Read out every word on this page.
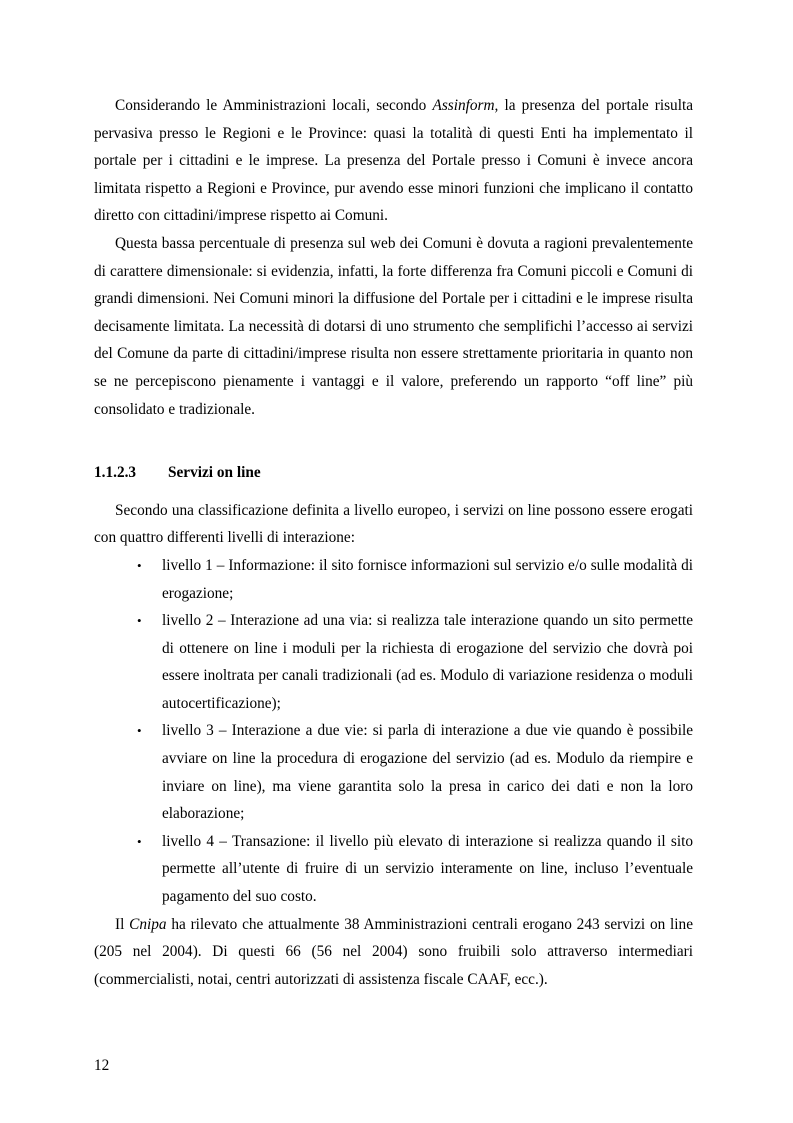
Considerando le Amministrazioni locali, secondo Assinform, la presenza del portale risulta pervasiva presso le Regioni e le Province: quasi la totalità di questi Enti ha implementato il portale per i cittadini e le imprese. La presenza del Portale presso i Comuni è invece ancora limitata rispetto a Regioni e Province, pur avendo esse minori funzioni che implicano il contatto diretto con cittadini/imprese rispetto ai Comuni.

Questa bassa percentuale di presenza sul web dei Comuni è dovuta a ragioni prevalentemente di carattere dimensionale: si evidenzia, infatti, la forte differenza fra Comuni piccoli e Comuni di grandi dimensioni. Nei Comuni minori la diffusione del Portale per i cittadini e le imprese risulta decisamente limitata. La necessità di dotarsi di uno strumento che semplifichi l’accesso ai servizi del Comune da parte di cittadini/imprese risulta non essere strettamente prioritaria in quanto non se ne percepiscono pienamente i vantaggi e il valore, preferendo un rapporto “off line” più consolidato e tradizionale.

1.1.2.3	Servizi on line

Secondo una classificazione definita a livello europeo, i servizi on line possono essere erogati con quattro differenti livelli di interazione:

• livello 1 – Informazione: il sito fornisce informazioni sul servizio e/o sulle modalità di erogazione;
• livello 2 – Interazione ad una via: si realizza tale interazione quando un sito permette di ottenere on line i moduli per la richiesta di erogazione del servizio che dovrà poi essere inoltrata per canali tradizionali (ad es. Modulo di variazione residenza o moduli autocertificazione);
• livello 3 – Interazione a due vie: si parla di interazione a due vie quando è possibile avviare on line la procedura di erogazione del servizio (ad es. Modulo da riempire e inviare on line), ma viene garantita solo la presa in carico dei dati e non la loro elaborazione;
• livello 4 – Transazione: il livello più elevato di interazione si realizza quando il sito permette all’utente di fruire di un servizio interamente on line, incluso l’eventuale pagamento del suo costo.

Il Cnipa ha rilevato che attualmente 38 Amministrazioni centrali erogano 243 servizi on line (205 nel 2004). Di questi 66 (56 nel 2004) sono fruibili solo attraverso intermediari (commercialisti, notai, centri autorizzati di assistenza fiscale CAAF, ecc.).

12
